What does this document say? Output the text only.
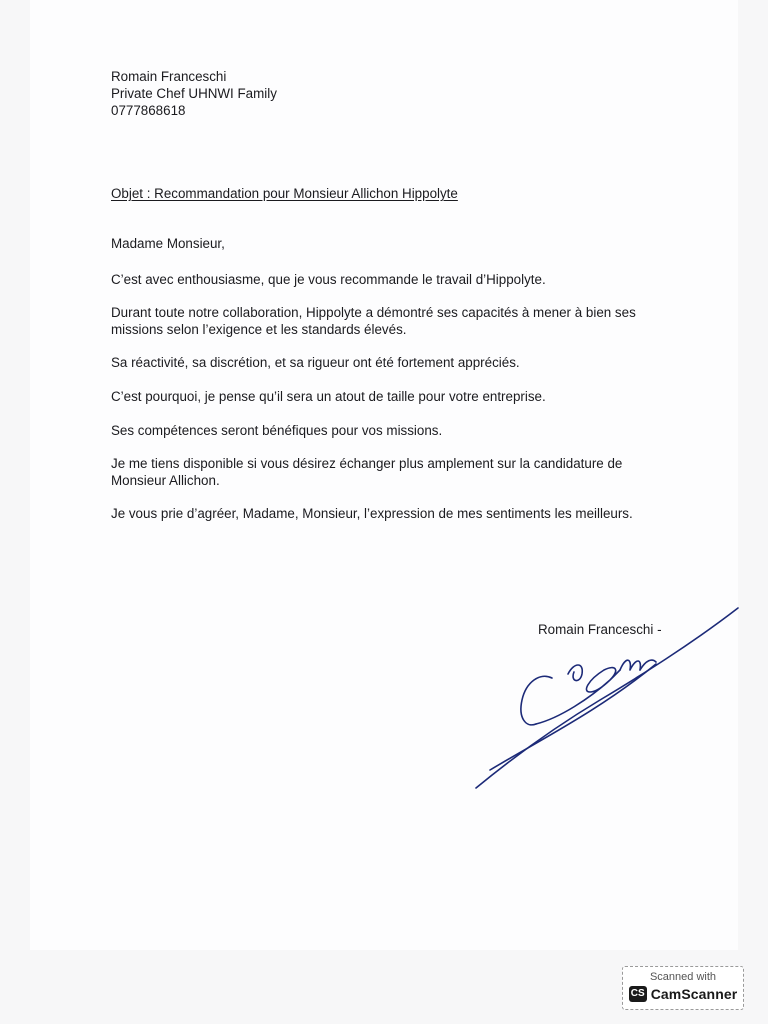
Romain Franceschi
Private Chef UHNWI Family
0777868618
Objet : Recommandation pour Monsieur Allichon Hippolyte

Madame Monsieur,

C’est avec enthousiasme, que je vous recommande le travail d’Hippolyte.

Durant toute notre collaboration, Hippolyte a démontré ses capacités à mener à bien ses missions selon l’exigence et les standards élevés.

Sa réactivité, sa discrétion, et sa rigueur ont été fortement appréciés.

C’est pourquoi, je pense qu’il sera un atout de taille pour votre entreprise.

Ses compétences seront bénéfiques pour vos missions.

Je me tiens disponible si vous désirez échanger plus amplement sur la candidature de Monsieur Allichon.

Je vous prie d’agréer, Madame, Monsieur, l’expression de mes sentiments les meilleurs.

Romain Franceschi -
Scanned with
CS CamScanner
